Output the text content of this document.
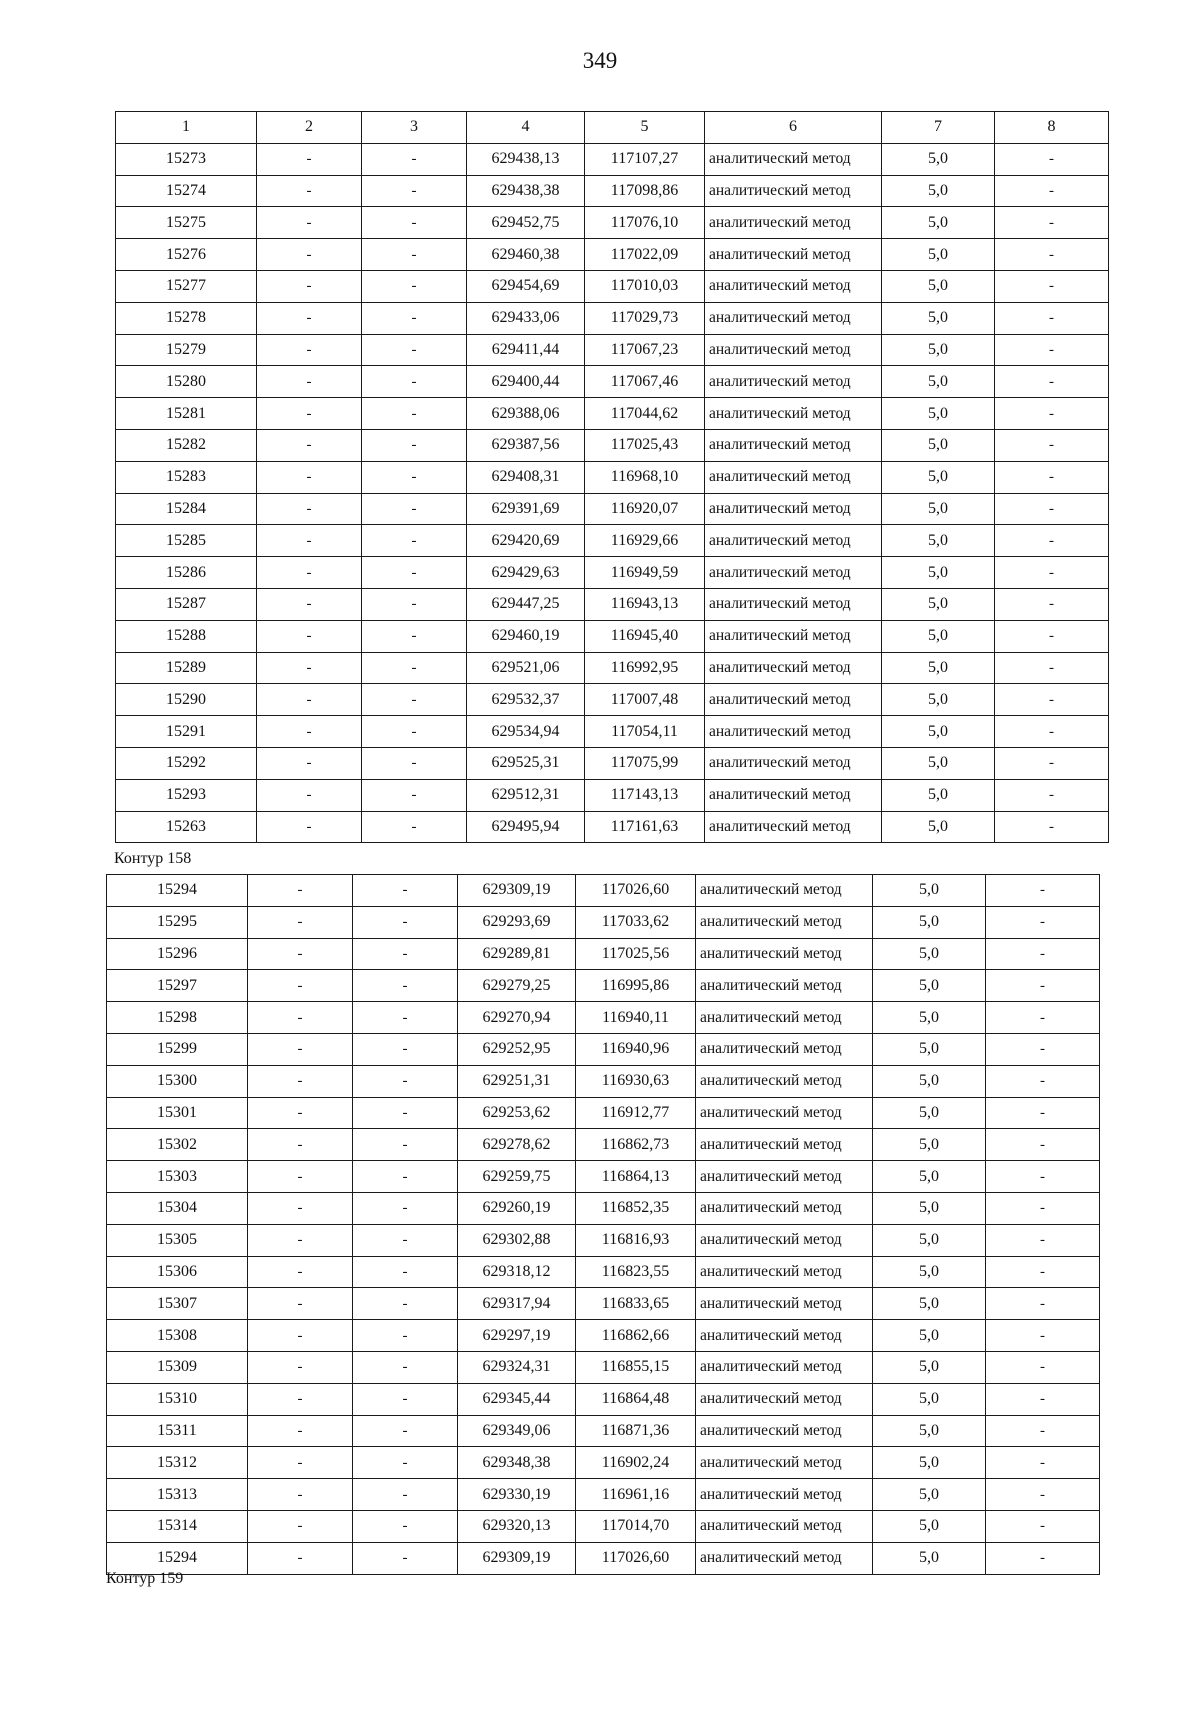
349
1	2	3	4	5	6	7	8
15273	-	-	629438,13	117107,27	аналитический метод	5,0	-
15274	-	-	629438,38	117098,86	аналитический метод	5,0	-
15275	-	-	629452,75	117076,10	аналитический метод	5,0	-
15276	-	-	629460,38	117022,09	аналитический метод	5,0	-
15277	-	-	629454,69	117010,03	аналитический метод	5,0	-
15278	-	-	629433,06	117029,73	аналитический метод	5,0	-
15279	-	-	629411,44	117067,23	аналитический метод	5,0	-
15280	-	-	629400,44	117067,46	аналитический метод	5,0	-
15281	-	-	629388,06	117044,62	аналитический метод	5,0	-
15282	-	-	629387,56	117025,43	аналитический метод	5,0	-
15283	-	-	629408,31	116968,10	аналитический метод	5,0	-
15284	-	-	629391,69	116920,07	аналитический метод	5,0	-
15285	-	-	629420,69	116929,66	аналитический метод	5,0	-
15286	-	-	629429,63	116949,59	аналитический метод	5,0	-
15287	-	-	629447,25	116943,13	аналитический метод	5,0	-
15288	-	-	629460,19	116945,40	аналитический метод	5,0	-
15289	-	-	629521,06	116992,95	аналитический метод	5,0	-
15290	-	-	629532,37	117007,48	аналитический метод	5,0	-
15291	-	-	629534,94	117054,11	аналитический метод	5,0	-
15292	-	-	629525,31	117075,99	аналитический метод	5,0	-
15293	-	-	629512,31	117143,13	аналитический метод	5,0	-
15263	-	-	629495,94	117161,63	аналитический метод	5,0	-
Контур 158
15294	-	-	629309,19	117026,60	аналитический метод	5,0	-
15295	-	-	629293,69	117033,62	аналитический метод	5,0	-
15296	-	-	629289,81	117025,56	аналитический метод	5,0	-
15297	-	-	629279,25	116995,86	аналитический метод	5,0	-
15298	-	-	629270,94	116940,11	аналитический метод	5,0	-
15299	-	-	629252,95	116940,96	аналитический метод	5,0	-
15300	-	-	629251,31	116930,63	аналитический метод	5,0	-
15301	-	-	629253,62	116912,77	аналитический метод	5,0	-
15302	-	-	629278,62	116862,73	аналитический метод	5,0	-
15303	-	-	629259,75	116864,13	аналитический метод	5,0	-
15304	-	-	629260,19	116852,35	аналитический метод	5,0	-
15305	-	-	629302,88	116816,93	аналитический метод	5,0	-
15306	-	-	629318,12	116823,55	аналитический метод	5,0	-
15307	-	-	629317,94	116833,65	аналитический метод	5,0	-
15308	-	-	629297,19	116862,66	аналитический метод	5,0	-
15309	-	-	629324,31	116855,15	аналитический метод	5,0	-
15310	-	-	629345,44	116864,48	аналитический метод	5,0	-
15311	-	-	629349,06	116871,36	аналитический метод	5,0	-
15312	-	-	629348,38	116902,24	аналитический метод	5,0	-
15313	-	-	629330,19	116961,16	аналитический метод	5,0	-
15314	-	-	629320,13	117014,70	аналитический метод	5,0	-
15294	-	-	629309,19	117026,60	аналитический метод	5,0	-
Контур 159
